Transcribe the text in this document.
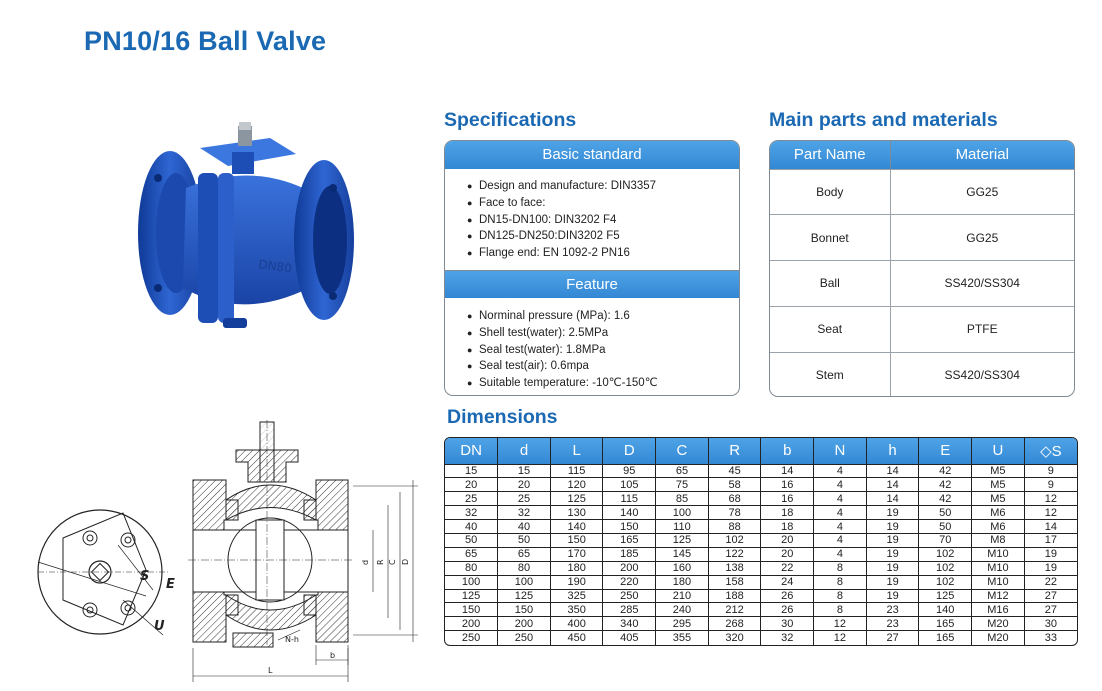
PN10/16 Ball Valve
DN80
S
E
U
d R C D
N-h
b
L
Specifications
Basic standard
● Design and manufacture: DIN3357
● Face to face:
● DN15-DN100: DIN3202 F4
● DN125-DN250:DIN3202 F5
● Flange end: EN 1092-2 PN16
Feature
● Norminal pressure (MPa): 1.6
● Shell test(water): 2.5MPa
● Seal test(water): 1.8MPa
● Seal test(air): 0.6mpa
● Suitable temperature: -10℃-150℃
Main parts and materials
Part Name	Material
Body	GG25
Bonnet	GG25
Ball	SS420/SS304
Seat	PTFE
Stem	SS420/SS304
Dimensions
DN	d	L	D	C	R	b	N	h	E	U	◇S
15	15	115	95	65	45	14	4	14	42	M5	9
20	20	120	105	75	58	16	4	14	42	M5	9
25	25	125	115	85	68	16	4	14	42	M5	12
32	32	130	140	100	78	18	4	19	50	M6	12
40	40	140	150	110	88	18	4	19	50	M6	14
50	50	150	165	125	102	20	4	19	70	M8	17
65	65	170	185	145	122	20	4	19	102	M10	19
80	80	180	200	160	138	22	8	19	102	M10	19
100	100	190	220	180	158	24	8	19	102	M10	22
125	125	325	250	210	188	26	8	19	125	M12	27
150	150	350	285	240	212	26	8	23	140	M16	27
200	200	400	340	295	268	30	12	23	165	M20	30
250	250	450	405	355	320	32	12	27	165	M20	33
